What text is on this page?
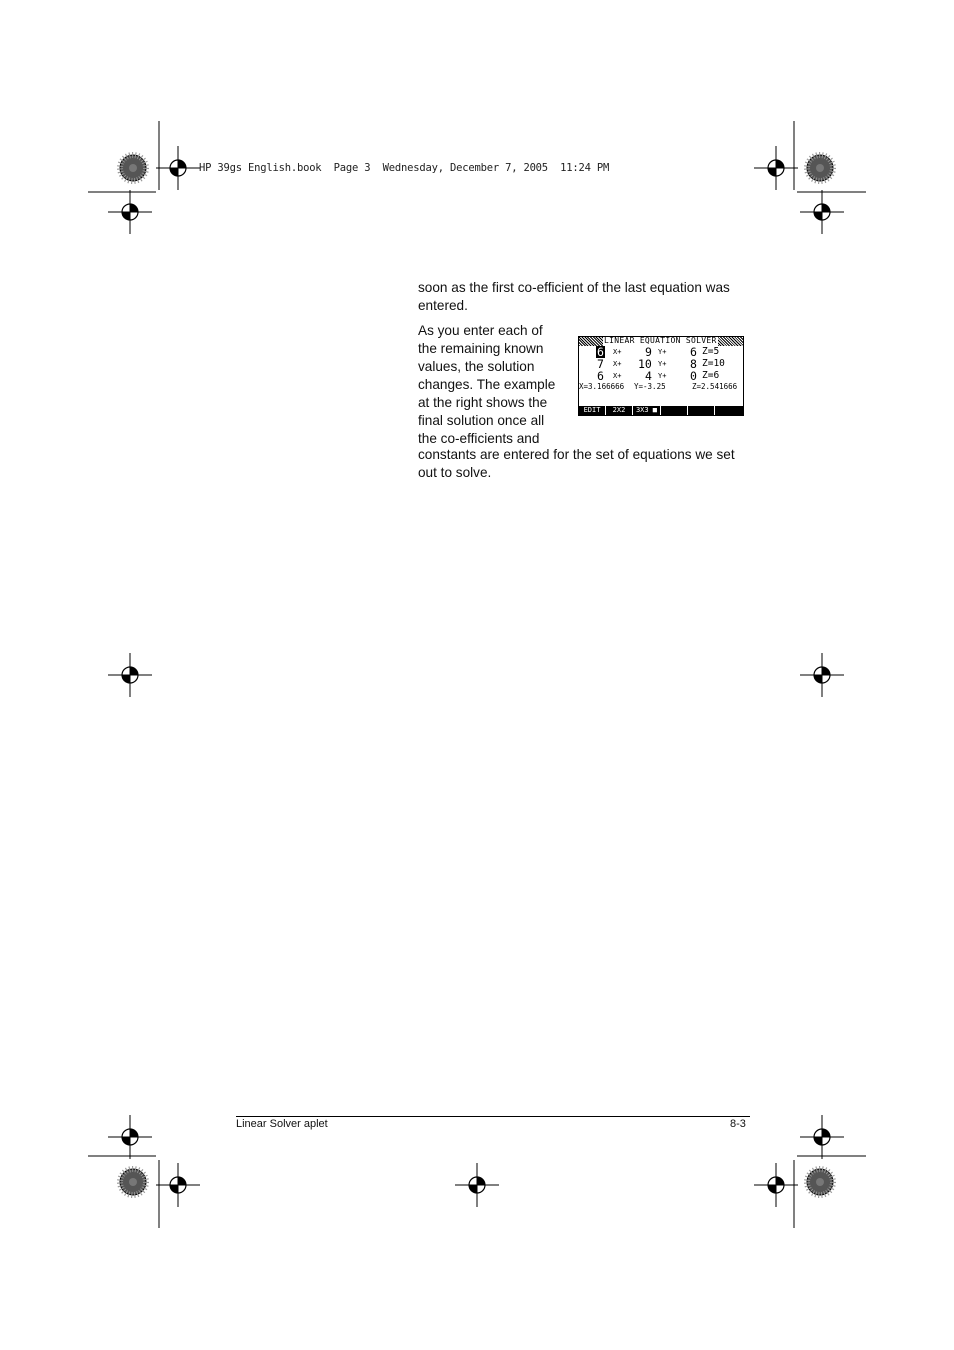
HP 39gs English.book  Page 3  Wednesday, December 7, 2005  11:24 PM

soon as the first co-efficient of the last equation was
entered.

As you enter each of
the remaining known
values, the solution
changes. The example
at the right shows the
final solution once all
the co-efficients and

constants are entered for the set of equations we set
out to solve.

LINEAR EQUATION SOLVER
6 X+ 9 Y+ 6 Z=5
7 X+ 10 Y+ 8 Z=10
6 X+ 4 Y+ 0 Z=6
X=3.166666 Y=-3.25	Z=2.541666
EDIT	2X2	3X3 ■
Linear Solver aplet	8-3
